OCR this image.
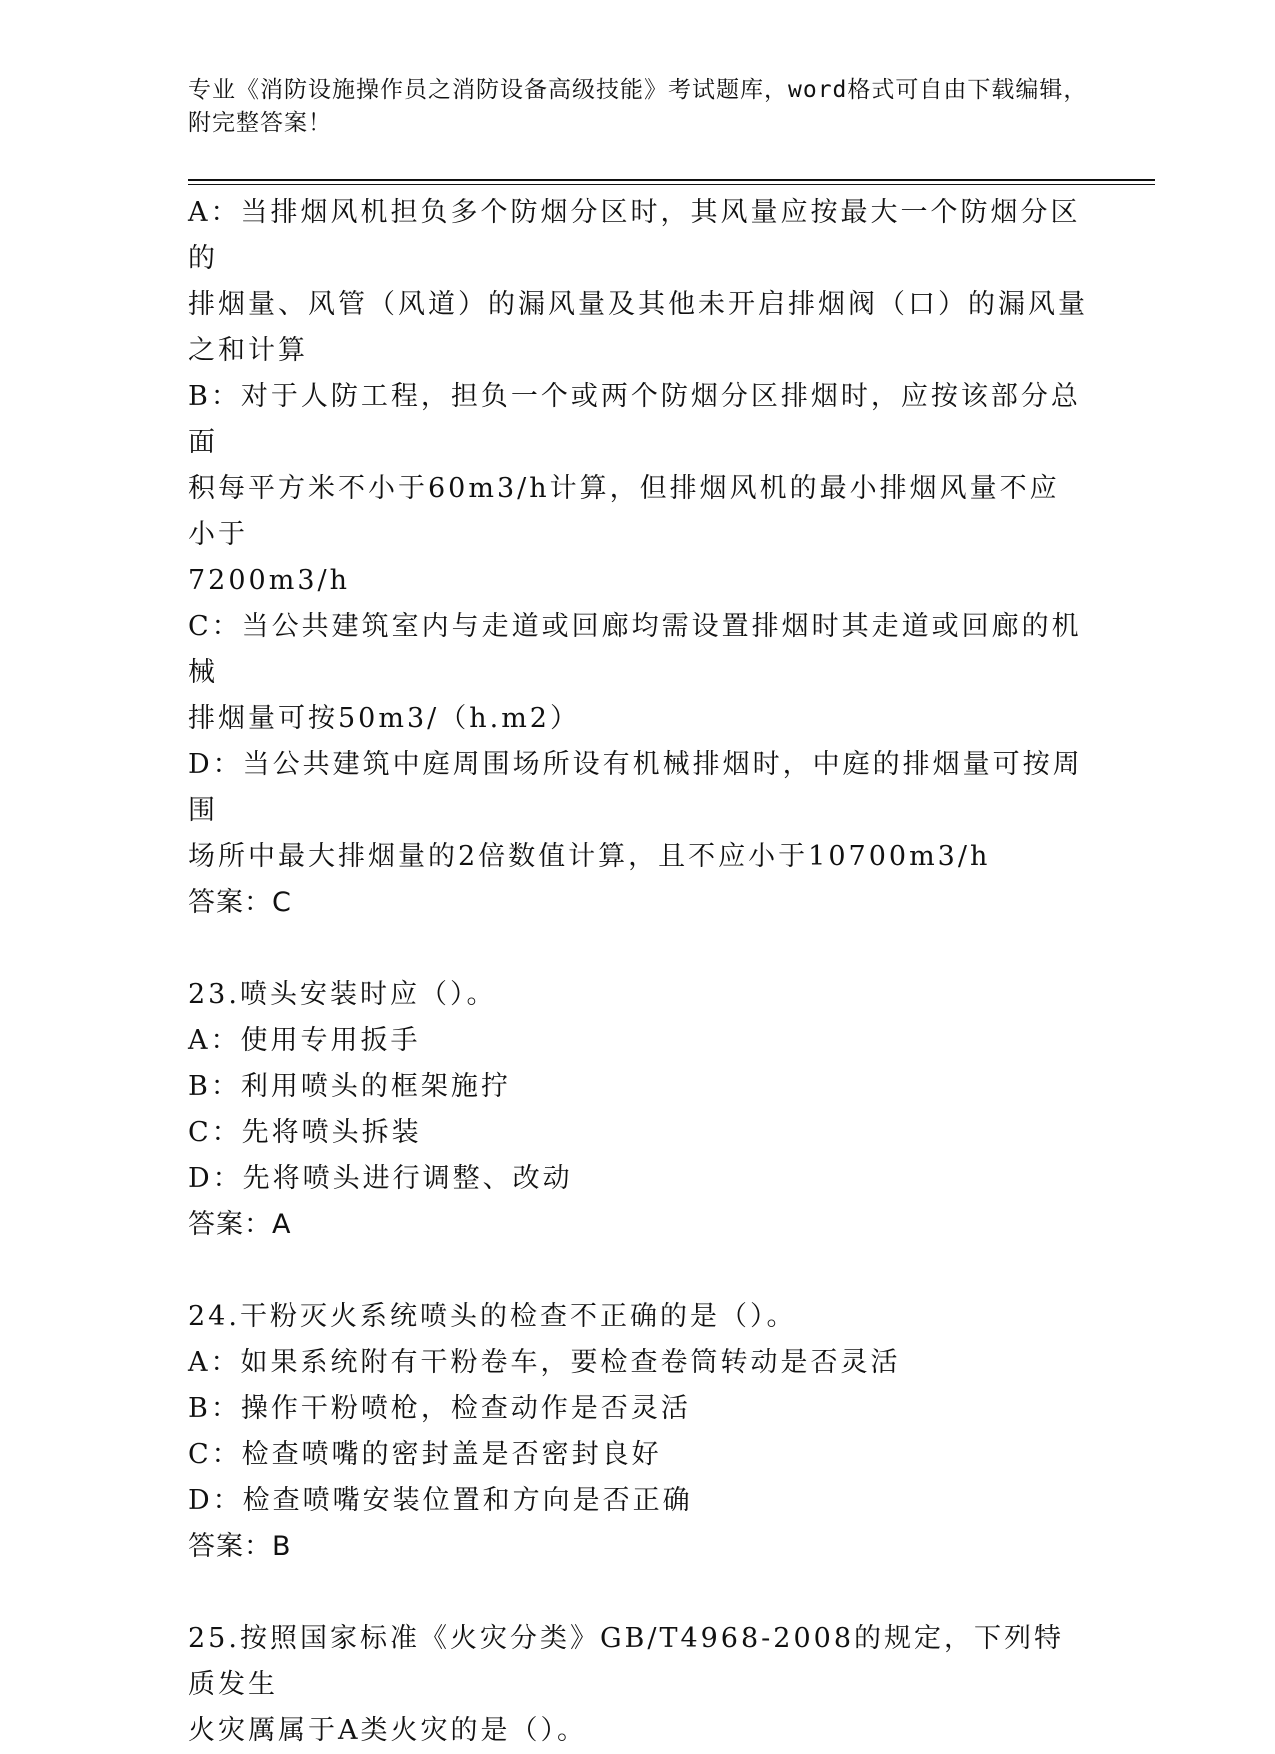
专业《消防设施操作员之消防设备高级技能》考试题库，word格式可自由下载编辑，附完整答案！
A：当排烟风机担负多个防烟分区时，其风量应按最大一个防烟分区的
排烟量、风管（风道）的漏风量及其他未开启排烟阀（口）的漏风量
之和计算
B：对于人防工程，担负一个或两个防烟分区排烟时，应按该部分总面
积每平方米不小于60m3/h计算，但排烟风机的最小排烟风量不应小于
7200m3/h
C：当公共建筑室内与走道或回廊均需设置排烟时其走道或回廊的机械
排烟量可按50m3/（h.m2）
D：当公共建筑中庭周围场所设有机械排烟时，中庭的排烟量可按周围
场所中最大排烟量的2倍数值计算，且不应小于10700m3/h
答案：C
23.喷头安装时应（）。
A：使用专用扳手
B：利用喷头的框架施拧
C：先将喷头拆装
D：先将喷头进行调整、改动
答案：A
24.干粉灭火系统喷头的检查不正确的是（）。
A：如果系统附有干粉卷车，要检查卷筒转动是否灵活
B：操作干粉喷枪，检查动作是否灵活
C：检查喷嘴的密封盖是否密封良好
D：检查喷嘴安装位置和方向是否正确
答案：B
25.按照国家标准《火灾分类》GB/T4968-2008的规定，下列特质发生
火灾厲属于A类火灾的是（）。
